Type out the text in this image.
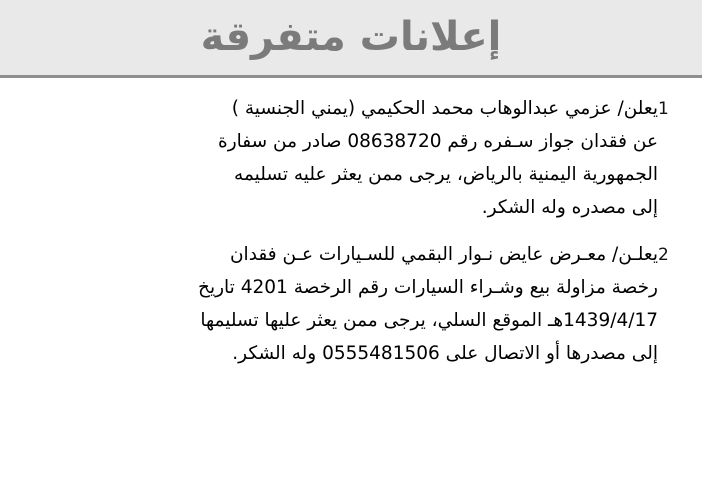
إعلانات متفرقة
1
يعلن/ عزمي عبدالوهاب محمد الحكيمي (يمني الجنسية )
عن فقدان جواز سـفره رقم 08638720 صادر من سفارة
الجمهورية اليمنية بالرياض، يرجى ممن يعثر عليه تسليمه
إلى مصدره وله الشكر.
2
يعلـن/ معـرض عايض نـوار البقمي للسـيارات عـن فقدان
رخصة مزاولة بيع وشـراء السيارات رقم الرخصة 4201 تاريخ
1439/4/17هـ الموقع السلي، يرجى ممن يعثر عليها تسليمها
إلى مصدرها أو الاتصال على 0555481506 وله الشكر.
